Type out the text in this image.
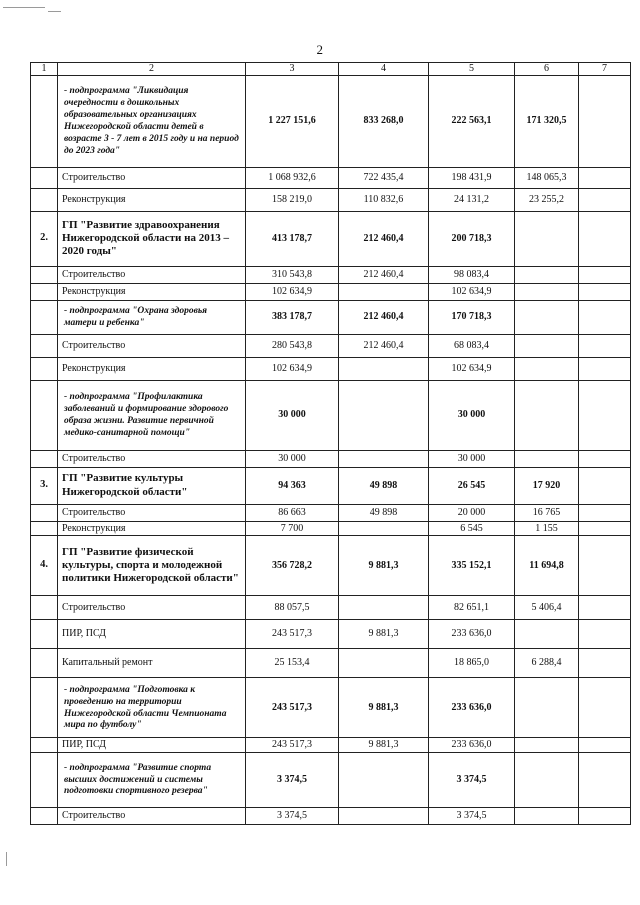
2
1	2	3	4	5	6	7
	- подпрограмма "Ликвидация очередности в дошкольных образовательных организациях Нижегородской области детей в возрасте 3 - 7 лет в 2015 году и на период до 2023 года"	1 227 151,6	833 268,0	222 563,1	171 320,5	
	Строительство	1 068 932,6	722 435,4	198 431,9	148 065,3	
	Реконструкция	158 219,0	110 832,6	24 131,2	23 255,2	
2.	ГП "Развитие здравоохранения Нижегородской области на 2013 – 2020 годы"	413 178,7	212 460,4	200 718,3		
	Строительство	310 543,8	212 460,4	98 083,4		
	Реконструкция	102 634,9		102 634,9		
	- подпрограмма "Охрана здоровья матери и ребенка"	383 178,7	212 460,4	170 718,3		
	Строительство	280 543,8	212 460,4	68 083,4		
	Реконструкция	102 634,9		102 634,9		
	- подпрограмма "Профилактика заболеваний и формирование здорового образа жизни. Развитие первичной медико-санитарной помощи"	30 000		30 000		
	Строительство	30 000		30 000		
3.	ГП "Развитие культуры Нижегородской области"	94 363	49 898	26 545	17 920	
	Строительство	86 663	49 898	20 000	16 765	
	Реконструкция	7 700		6 545	1 155	
4.	ГП "Развитие физической культуры, спорта и молодежной политики Нижегородской области"	356 728,2	9 881,3	335 152,1	11 694,8	
	Строительство	88 057,5		82 651,1	5 406,4	
	ПИР, ПСД	243 517,3	9 881,3	233 636,0		
	Капитальный ремонт	25 153,4		18 865,0	6 288,4	
	- подпрограмма "Подготовка к проведению на территории Нижегородской области Чемпионата мира по футболу"	243 517,3	9 881,3	233 636,0		
	ПИР, ПСД	243 517,3	9 881,3	233 636,0		
	- подпрограмма "Развитие спорта высших достижений и системы подготовки спортивного резерва"	3 374,5		3 374,5		
	Строительство	3 374,5		3 374,5		
